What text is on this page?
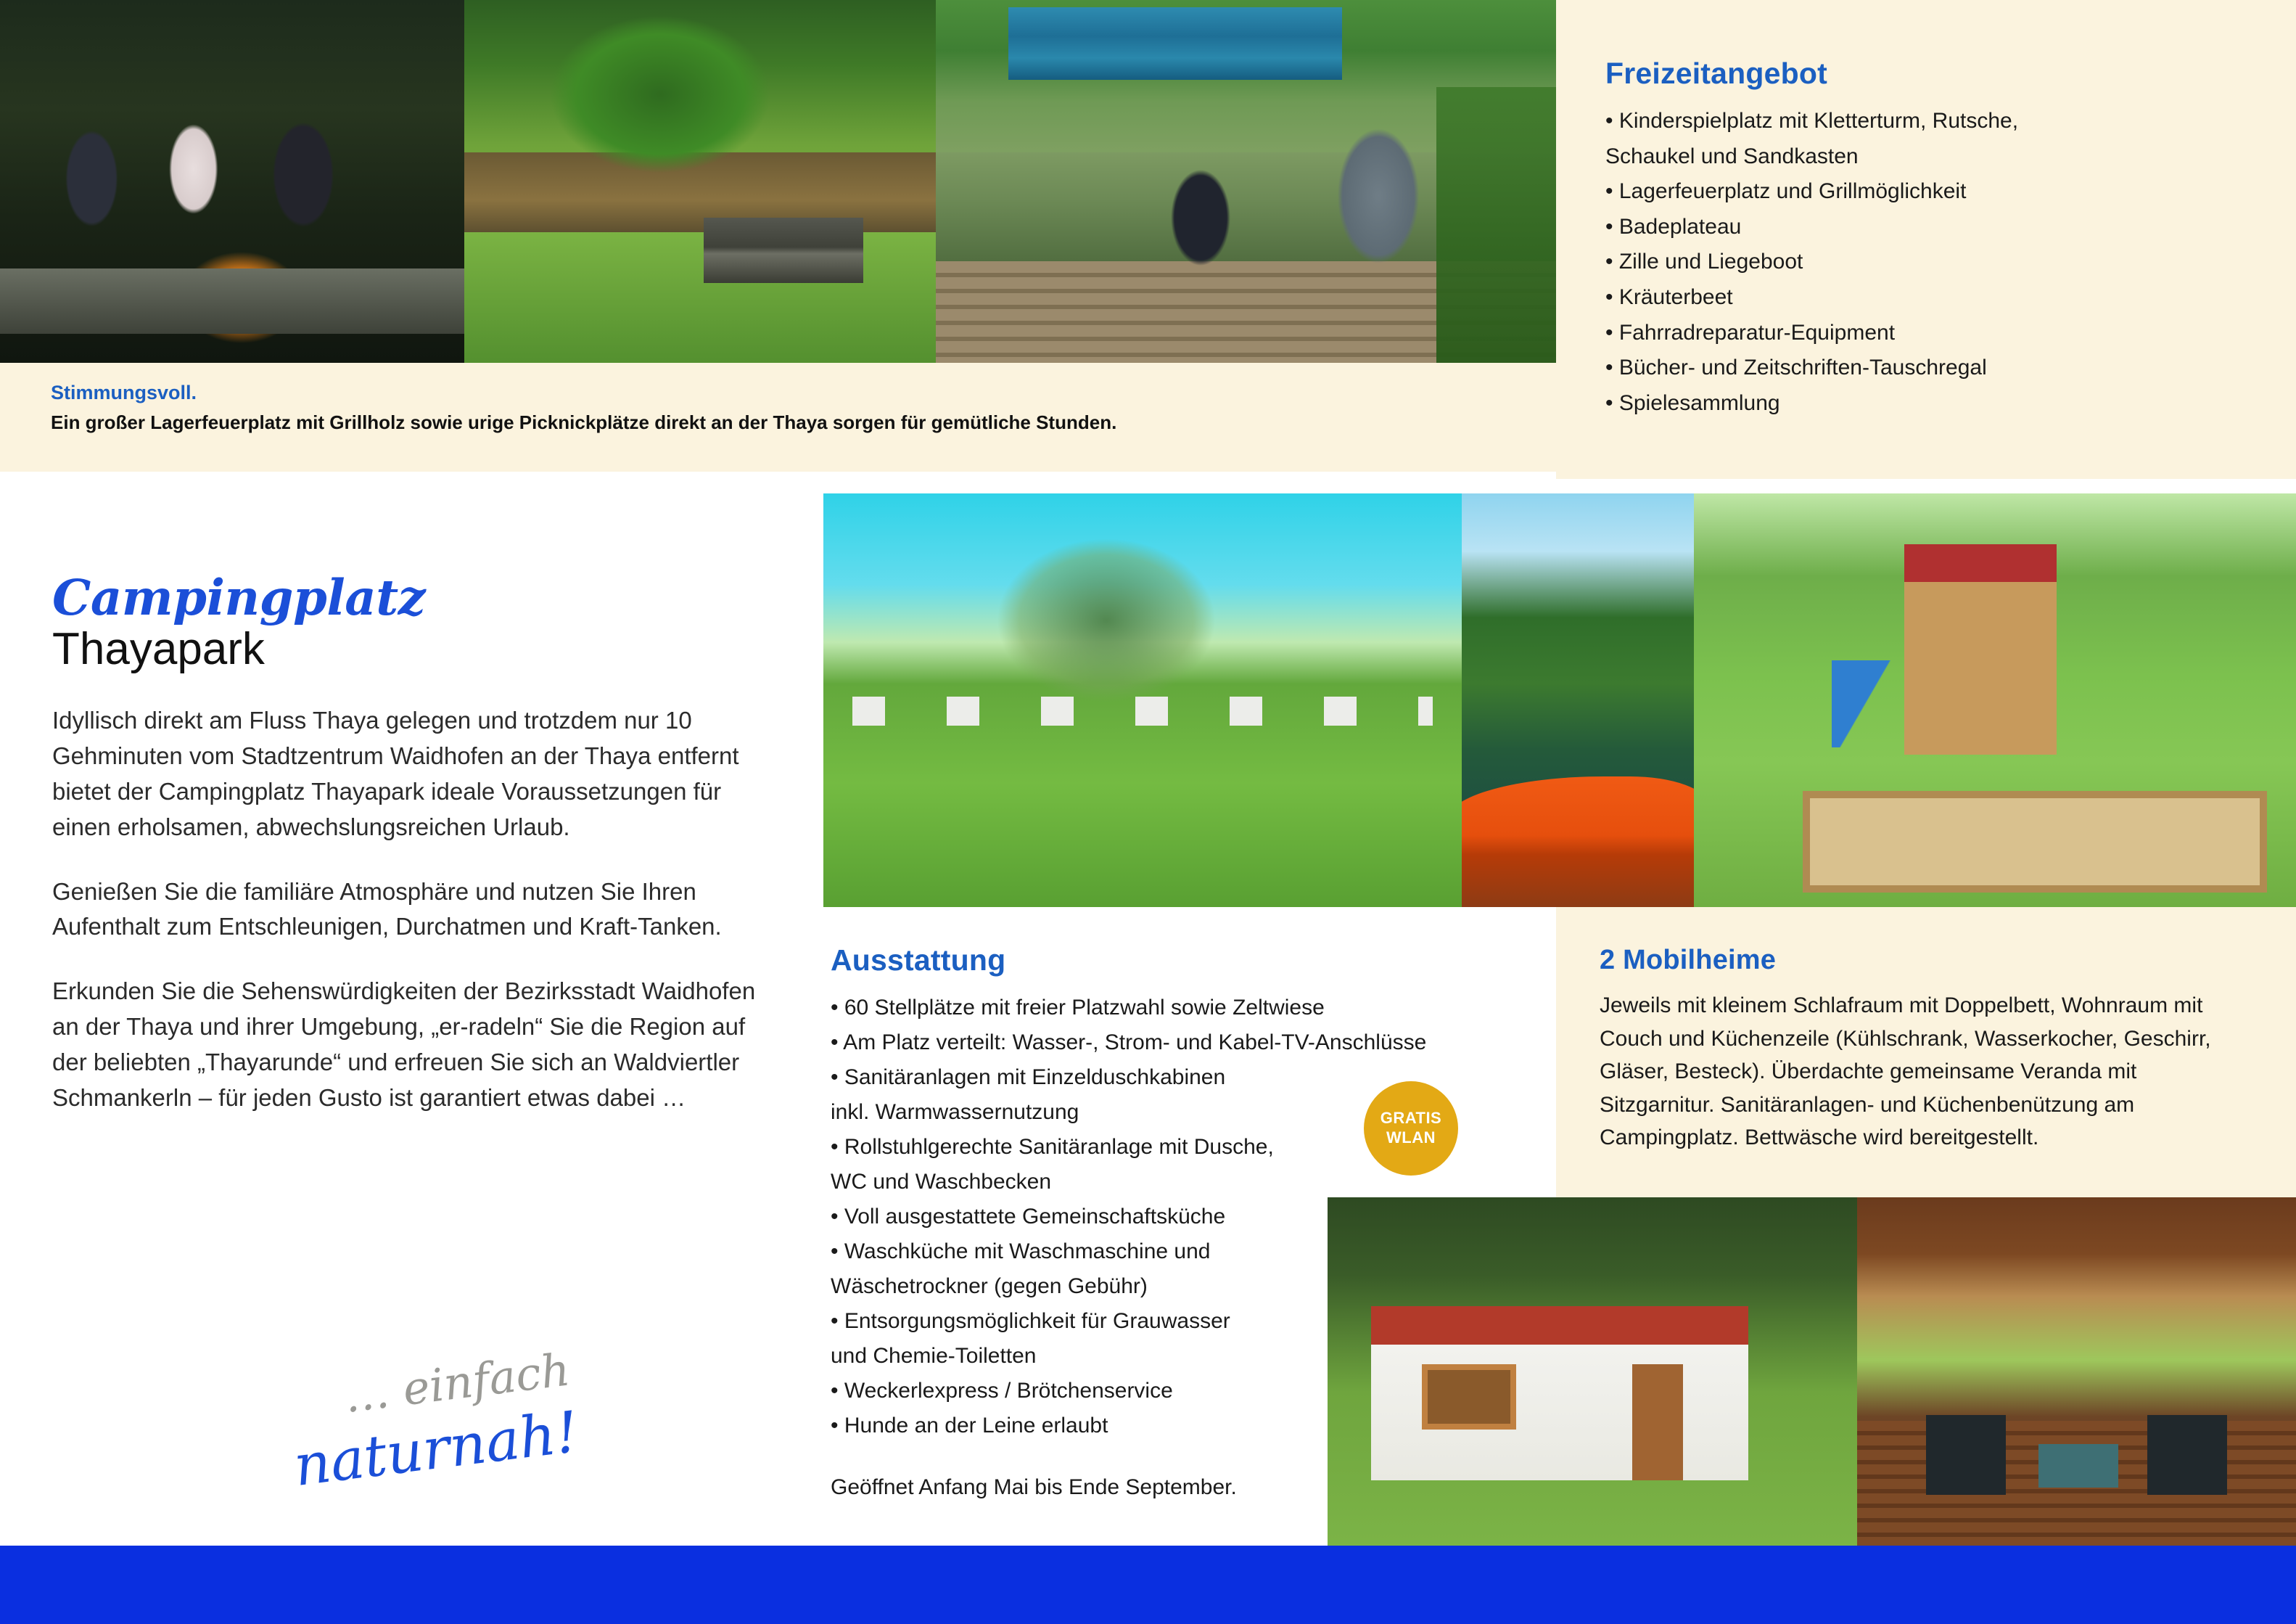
Freizeitangebot
• Kinderspielplatz mit Kletterturm, Rutsche,
Schaukel und Sandkasten
• Lagerfeuerplatz und Grillmöglichkeit
• Badeplateau
• Zille und Liegeboot
• Kräuterbeet
• Fahrradreparatur-Equipment
• Bücher- und Zeitschriften-Tauschregal
• Spielesammlung

Stimmungsvoll.

Ein großer Lagerfeuerplatz mit Grillholz sowie urige Picknickplätze direkt an der Thaya sorgen für gemütliche Stunden.

Campingplatz
Thayapark

Idyllisch direkt am Fluss Thaya gelegen und trotzdem nur 10 Gehminuten vom Stadtzentrum Waidhofen an der Thaya entfernt bietet der Campingplatz Thayapark ideale Voraussetzungen für einen erholsamen, abwechslungsreichen Urlaub.

Genießen Sie die familiäre Atmosphäre und nutzen Sie Ihren Aufenthalt zum Entschleunigen, Durchatmen und Kraft-Tanken.

Erkunden Sie die Sehenswürdigkeiten der Bezirksstadt Waidhofen an der Thaya und ihrer Umgebung, „er-radeln“ Sie die Region auf der beliebten „Thayarunde“ und erfreuen Sie sich an Waldviertler Schmankerln – für jeden Gusto ist garantiert etwas dabei …

… einfach
naturnah!
Ausstattung
• 60 Stellplätze mit freier Platzwahl sowie Zeltwiese
• Am Platz verteilt: Wasser-, Strom- und Kabel-TV-Anschlüsse
• Sanitäranlagen mit Einzelduschkabinen
inkl. Warmwassernutzung
• Rollstuhlgerechte Sanitäranlage mit Dusche,
WC und Waschbecken
• Voll ausgestattete Gemeinschaftsküche
• Waschküche mit Waschmaschine und
Wäschetrockner (gegen Gebühr)
• Entsorgungsmöglichkeit für Grauwasser
und Chemie-Toiletten
• Weckerlexpress / Brötchenservice
• Hunde an der Leine erlaubt

Geöffnet Anfang Mai bis Ende September.

GRATIS
WLAN
2 Mobilheime

Jeweils mit kleinem Schlafraum mit Doppelbett, Wohnraum mit Couch und Küchenzeile (Kühlschrank, Wasserkocher, Geschirr, Gläser, Besteck). Überdachte gemeinsame Veranda mit Sitzgarnitur. Sanitäranlagen- und Küchenbenützung am Campingplatz. Bettwäsche wird bereitgestellt.
